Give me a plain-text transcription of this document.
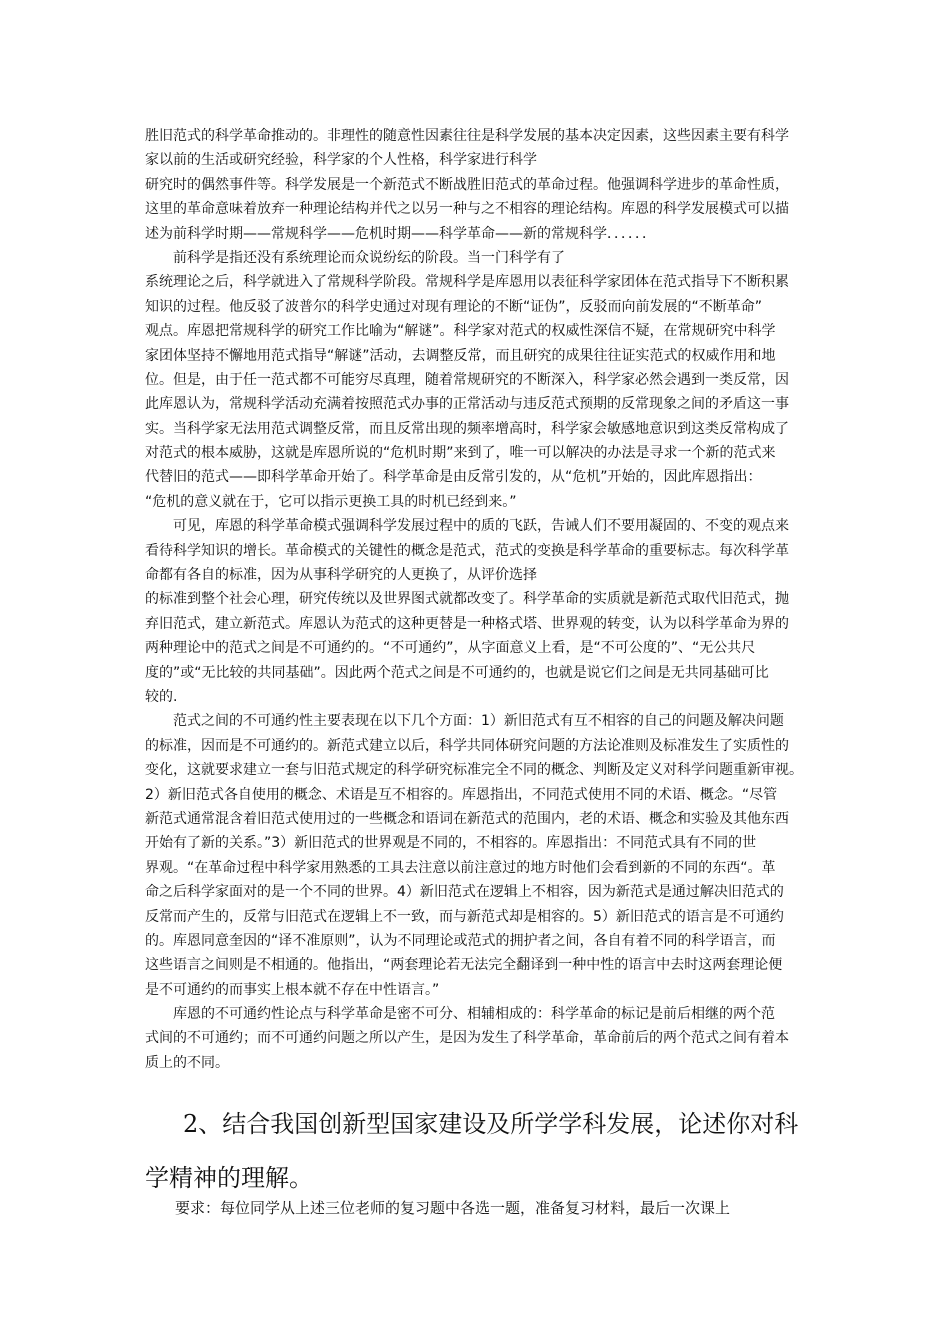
胜旧范式的科学革命推动的。非理性的随意性因素往往是科学发展的基本决定因素，这些因素主要有科学
家以前的生活或研究经验，科学家的个人性格，科学家进行科学
研究时的偶然事件等。科学发展是一个新范式不断战胜旧范式的革命过程。他强调科学进步的革命性质，
这里的革命意味着放弃一种理论结构并代之以另一种与之不相容的理论结构。库恩的科学发展模式可以描
述为前科学时期——常规科学——危机时期——科学革命——新的常规科学．．．．．．
前科学是指还没有系统理论而众说纷纭的阶段。当一门科学有了
系统理论之后，科学就进入了常规科学阶段。常规科学是库恩用以表征科学家团体在范式指导下不断积累
知识的过程。他反驳了波普尔的科学史通过对现有理论的不断“证伪”，反驳而向前发展的“不断革命”
观点。库恩把常规科学的研究工作比喻为“解谜”。科学家对范式的权威性深信不疑，在常规研究中科学
家团体坚持不懈地用范式指导“解谜”活动，去调整反常，而且研究的成果往往证实范式的权威作用和地
位。但是，由于任一范式都不可能穷尽真理，随着常规研究的不断深入，科学家必然会遇到一类反常，因
此库恩认为，常规科学活动充满着按照范式办事的正常活动与违反范式预期的反常现象之间的矛盾这一事
实。当科学家无法用范式调整反常，而且反常出现的频率增高时，科学家会敏感地意识到这类反常构成了
对范式的根本威胁，这就是库恩所说的“危机时期”来到了，唯一可以解决的办法是寻求一个新的范式来
代替旧的范式——即科学革命开始了。科学革命是由反常引发的，从“危机”开始的，因此库恩指出：
“危机的意义就在于，它可以指示更换工具的时机已经到来。”
可见，库恩的科学革命模式强调科学发展过程中的质的飞跃，告诫人们不要用凝固的、不变的观点来
看待科学知识的增长。革命模式的关键性的概念是范式，范式的变换是科学革命的重要标志。每次科学革
命都有各自的标准，因为从事科学研究的人更换了，从评价选择
的标准到整个社会心理，研究传统以及世界图式就都改变了。科学革命的实质就是新范式取代旧范式，抛
弃旧范式，建立新范式。库恩认为范式的这种更替是一种格式塔、世界观的转变，认为以科学革命为界的
两种理论中的范式之间是不可通约的。“不可通约”，从字面意义上看，是“不可公度的”、“无公共尺
度的”或“无比较的共同基础”。因此两个范式之间是不可通约的，也就是说它们之间是无共同基础可比
较的.
范式之间的不可通约性主要表现在以下几个方面：1）新旧范式有互不相容的自己的问题及解决问题
的标准，因而是不可通约的。新范式建立以后，科学共同体研究问题的方法论准则及标准发生了实质性的
变化，这就要求建立一套与旧范式规定的科学研究标准完全不同的概念、判断及定义对科学问题重新审视。
2）新旧范式各自使用的概念、术语是互不相容的。库恩指出，不同范式使用不同的术语、概念。“尽管
新范式通常混含着旧范式使用过的一些概念和语词在新范式的范围内，老的术语、概念和实验及其他东西
开始有了新的关系。”3）新旧范式的世界观是不同的，不相容的。库恩指出：不同范式具有不同的世
界观。“在革命过程中科学家用熟悉的工具去注意以前注意过的地方时他们会看到新的不同的东西“。革
命之后科学家面对的是一个不同的世界。4）新旧范式在逻辑上不相容，因为新范式是通过解决旧范式的
反常而产生的，反常与旧范式在逻辑上不一致，而与新范式却是相容的。5）新旧范式的语言是不可通约
的。库恩同意奎因的“译不准原则”，认为不同理论或范式的拥护者之间，各自有着不同的科学语言，而
这些语言之间则是不相通的。他指出，“两套理论若无法完全翻译到一种中性的语言中去时这两套理论便
是不可通约的而事实上根本就不存在中性语言。”
库恩的不可通约性论点与科学革命是密不可分、相辅相成的：科学革命的标记是前后相继的两个范
式间的不可通约；而不可通约问题之所以产生，是因为发生了科学革命，革命前后的两个范式之间有着本
质上的不同。
2、结合我国创新型国家建设及所学学科发展，论述你对科
学精神的理解。
要求：每位同学从上述三位老师的复习题中各选一题，准备复习材料，最后一次课上
